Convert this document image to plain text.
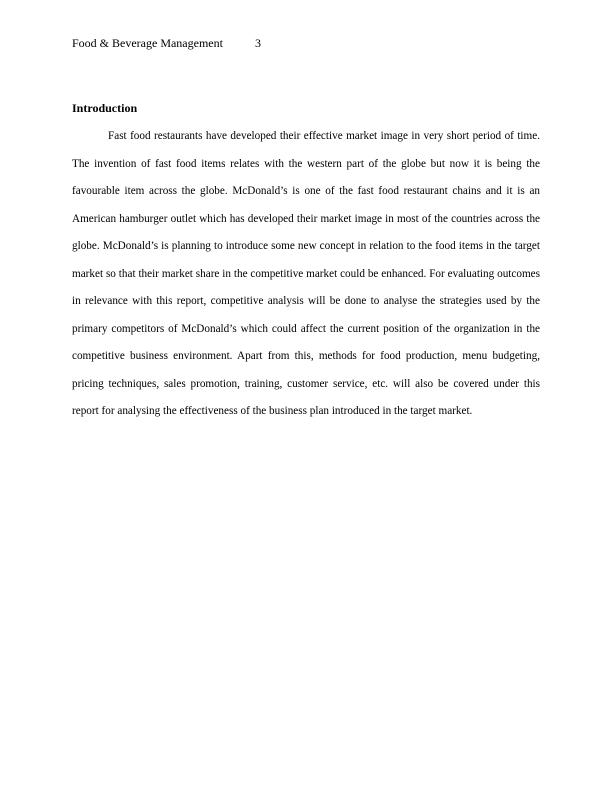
Food & Beverage Management	3
Introduction

Fast food restaurants have developed their effective market image in very short period of time. The invention of fast food items relates with the western part of the globe but now it is being the favourable item across the globe. McDonald’s is one of the fast food restaurant chains and it is an American hamburger outlet which has developed their market image in most of the countries across the globe. McDonald’s is planning to introduce some new concept in relation to the food items in the target market so that their market share in the competitive market could be enhanced. For evaluating outcomes in relevance with this report, competitive analysis will be done to analyse the strategies used by the primary competitors of McDonald’s which could affect the current position of the organization in the competitive business environment. Apart from this, methods for food production, menu budgeting, pricing techniques, sales promotion, training, customer service, etc. will also be covered under this report for analysing the effectiveness of the business plan introduced in the target market.
